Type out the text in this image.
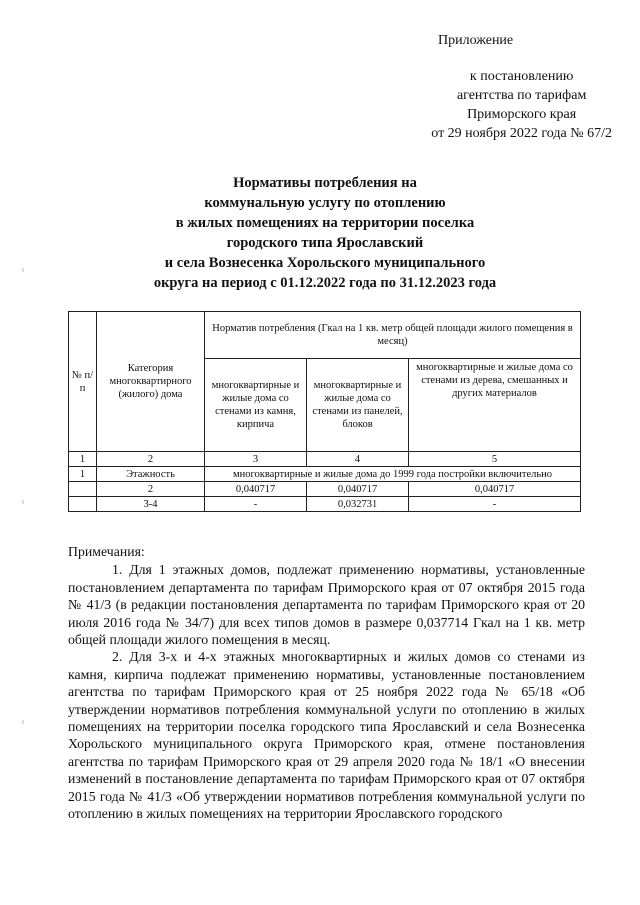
Приложение
к постановлению
агентства по тарифам
Приморского края
от 29 ноября 2022 года № 67/2
Нормативы потребления на
коммунальную услугу по отоплению
в жилых помещениях на территории поселка
городского типа Ярославский
и села Вознесенка Хорольского муниципального
округа на период с 01.12.2022 года по 31.12.2023 года
№ п/п	Категория многоквартирного (жилого) дома	Норматив потребления (Гкал на 1 кв. метр общей площади жилого помещения в месяц)		
		многоквартирные и жилые дома со стенами из камня, кирпича	многоквартирные и жилые дома со стенами из панелей, блоков	многоквартирные и жилые дома со стенами из дерева, смешанных и других материалов
1	2	3	4	5
1	Этажность	многоквартирные и жилые дома до 1999 года постройки включительно		
	2	0,040717	0,040717	0,040717
	3-4	-	0,032731	-

Примечания:

1. Для 1 этажных домов, подлежат применению нормативы, установленные постановлением департамента по тарифам Приморского края от 07 октября 2015 года № 41/3 (в редакции постановления департамента по тарифам Приморского края от 20 июля 2016 года № 34/7) для всех типов домов в размере 0,037714 Гкал на 1 кв. метр общей площади жилого помещения в месяц.

2. Для 3-х и 4-х этажных многоквартирных и жилых домов со стенами из камня, кирпича подлежат применению нормативы, установленные постановлением агентства по тарифам Приморского края от 25 ноября 2022 года № 65/18 «Об утверждении нормативов потребления коммунальной услуги по отоплению в жилых помещениях на территории поселка городского типа Ярославский и села Вознесенка Хорольского муниципального округа Приморского края, отмене постановления агентства по тарифам Приморского края от 29 апреля 2020 года № 18/1 «О внесении изменений в постановление департамента по тарифам Приморского края от 07 октября 2015 года № 41/3 «Об утверждении нормативов потребления коммунальной услуги по отоплению в жилых помещениях на территории Ярославского городского
